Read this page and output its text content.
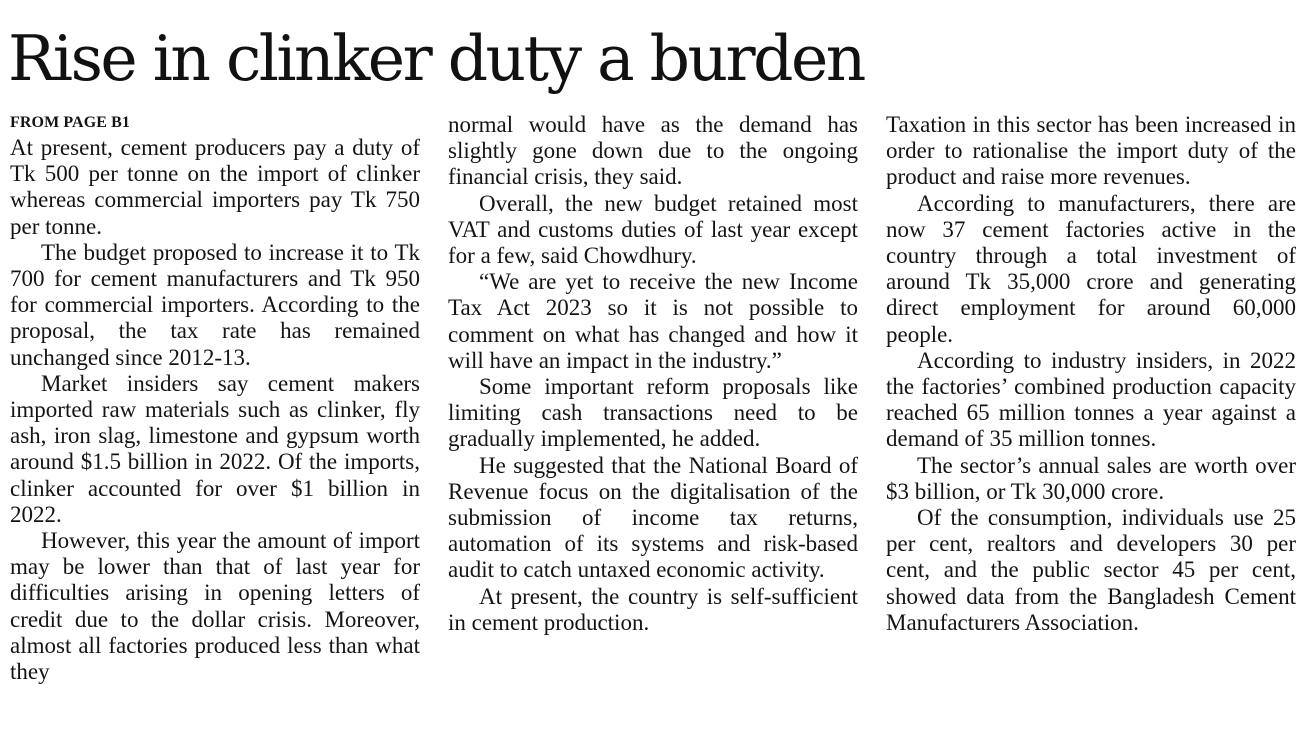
Rise in clinker duty a burden
FROM PAGE B1

At present, cement producers pay a duty of Tk 500 per tonne on the import of clinker whereas commercial importers pay Tk 750 per tonne.

The budget proposed to increase it to Tk 700 for cement manufacturers and Tk 950 for commercial importers. According to the proposal, the tax rate has remained unchanged since 2012-13.

Market insiders say cement makers imported raw materials such as clinker, fly ash, iron slag, limestone and gypsum worth around $1.5 billion in 2022. Of the imports, clinker accounted for over $1 billion in 2022.

However, this year the amount of import may be lower than that of last year for difficulties arising in opening letters of credit due to the dollar crisis. Moreover, almost all factories produced less than what they

normal would have as the demand has slightly gone down due to the ongoing financial crisis, they said.

Overall, the new budget retained most VAT and customs duties of last year except for a few, said Chowdhury.

“We are yet to receive the new Income Tax Act 2023 so it is not possible to comment on what has changed and how it will have an impact in the industry.”

Some important reform proposals like limiting cash transactions need to be gradually implemented, he added.

He suggested that the National Board of Revenue focus on the digitalisation of the submission of income tax returns, automation of its systems and risk-based audit to catch untaxed economic activity.

At present, the country is self-sufficient in cement production.

Taxation in this sector has been increased in order to rationalise the import duty of the product and raise more revenues.

According to manufacturers, there are now 37 cement factories active in the country through a total investment of around Tk 35,000 crore and generating direct employment for around 60,000 people.

According to industry insiders, in 2022 the factories’ combined production capacity reached 65 million tonnes a year against a demand of 35 million tonnes.

The sector’s annual sales are worth over $3 billion, or Tk 30,000 crore.

Of the consumption, individuals use 25 per cent, realtors and developers 30 per cent, and the public sector 45 per cent, showed data from the Bangladesh Cement Manufacturers Association.
